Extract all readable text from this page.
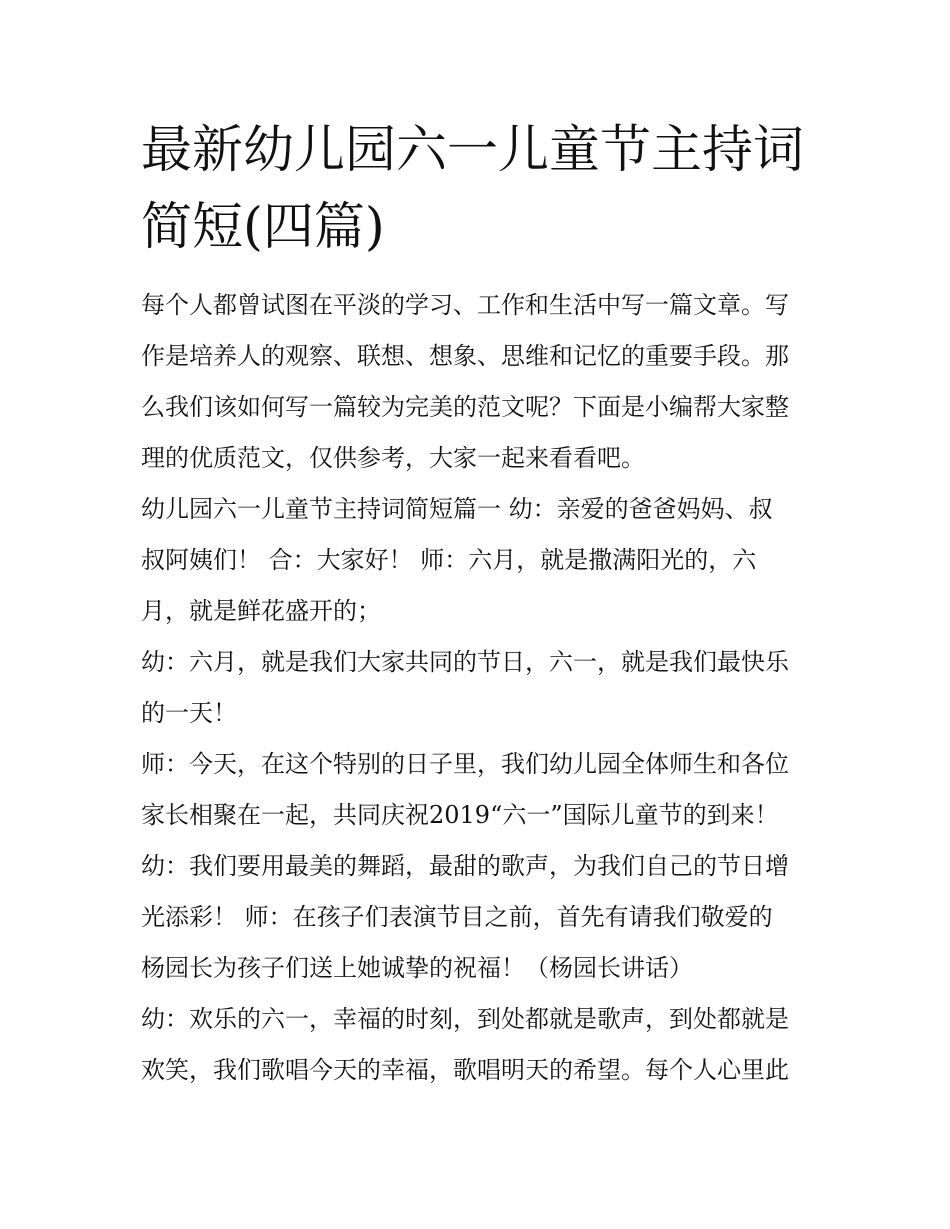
最新幼儿园六一儿童节主持词
简短(四篇)

每个人都曾试图在平淡的学习、工作和生活中写一篇文章。写
作是培养人的观察、联想、想象、思维和记忆的重要手段。那
么我们该如何写一篇较为完美的范文呢？下面是小编帮大家整
理的优质范文，仅供参考，大家一起来看看吧。

幼儿园六一儿童节主持词简短篇一 幼：亲爱的爸爸妈妈、叔
叔阿姨们！ 合：大家好！ 师：六月，就是撒满阳光的，六
月，就是鲜花盛开的；

幼：六月，就是我们大家共同的节日，六一，就是我们最快乐
的一天！

师：今天，在这个特别的日子里，我们幼儿园全体师生和各位
家长相聚在一起，共同庆祝2019“六一”国际儿童节的到来！

幼：我们要用最美的舞蹈，最甜的歌声，为我们自己的节日增
光添彩！ 师：在孩子们表演节目之前，首先有请我们敬爱的
杨园长为孩子们送上她诚挚的祝福！（杨园长讲话）

幼：欢乐的六一，幸福的时刻，到处都就是歌声，到处都就是
欢笑，我们歌唱今天的幸福，歌唱明天的希望。每个人心里此
